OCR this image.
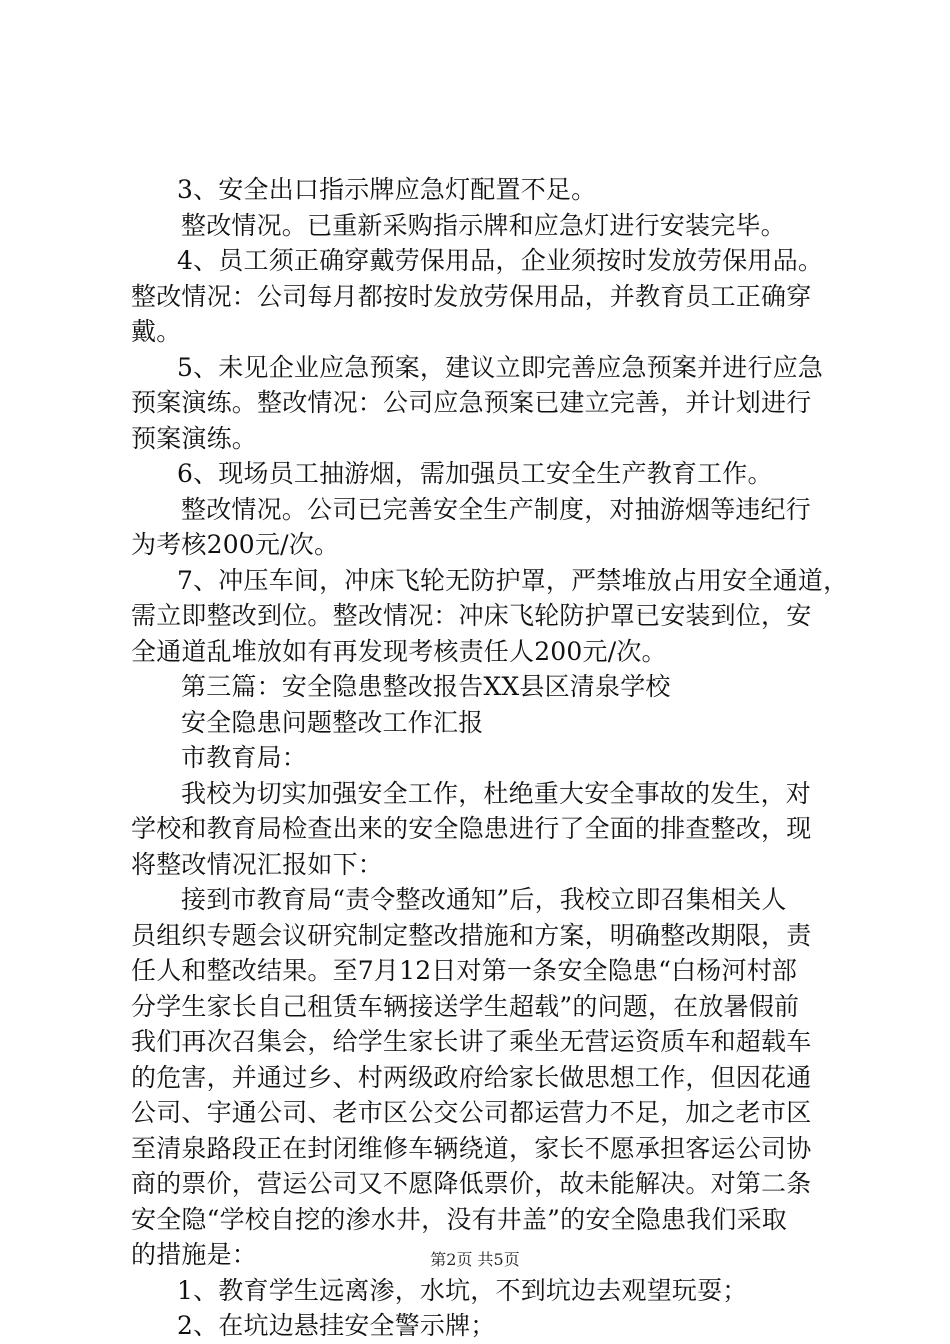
3、安全出口指示牌应急灯配置不足。
整改情况。已重新采购指示牌和应急灯进行安装完毕。
4、员工须正确穿戴劳保用品，企业须按时发放劳保用品。
整改情况：公司每月都按时发放劳保用品，并教育员工正确穿
戴。
5、未见企业应急预案，建议立即完善应急预案并进行应急
预案演练。整改情况：公司应急预案已建立完善，并计划进行
预案演练。
6、现场员工抽游烟，需加强员工安全生产教育工作。
整改情况。公司已完善安全生产制度，对抽游烟等违纪行
为考核200元/次。
7、冲压车间，冲床飞轮无防护罩，严禁堆放占用安全通道，
需立即整改到位。整改情况：冲床飞轮防护罩已安装到位，安
全通道乱堆放如有再发现考核责任人200元/次。
第三篇：安全隐患整改报告XX县区清泉学校
安全隐患问题整改工作汇报
市教育局：
我校为切实加强安全工作，杜绝重大安全事故的发生，对
学校和教育局检查出来的安全隐患进行了全面的排查整改，现
将整改情况汇报如下：
接到市教育局“责令整改通知”后，我校立即召集相关人
员组织专题会议研究制定整改措施和方案，明确整改期限，责
任人和整改结果。至7月12日对第一条安全隐患“白杨河村部
分学生家长自己租赁车辆接送学生超载”的问题，在放暑假前
我们再次召集会，给学生家长讲了乘坐无营运资质车和超载车
的危害，并通过乡、村两级政府给家长做思想工作，但因花通
公司、宇通公司、老市区公交公司都运营力不足，加之老市区
至清泉路段正在封闭维修车辆绕道，家长不愿承担客运公司协
商的票价，营运公司又不愿降低票价，故未能解决。对第二条
安全隐“学校自挖的渗水井，没有井盖”的安全隐患我们采取
的措施是：
1、教育学生远离渗，水坑，不到坑边去观望玩耍；
2、在坑边悬挂安全警示牌；
第2页 共5页
